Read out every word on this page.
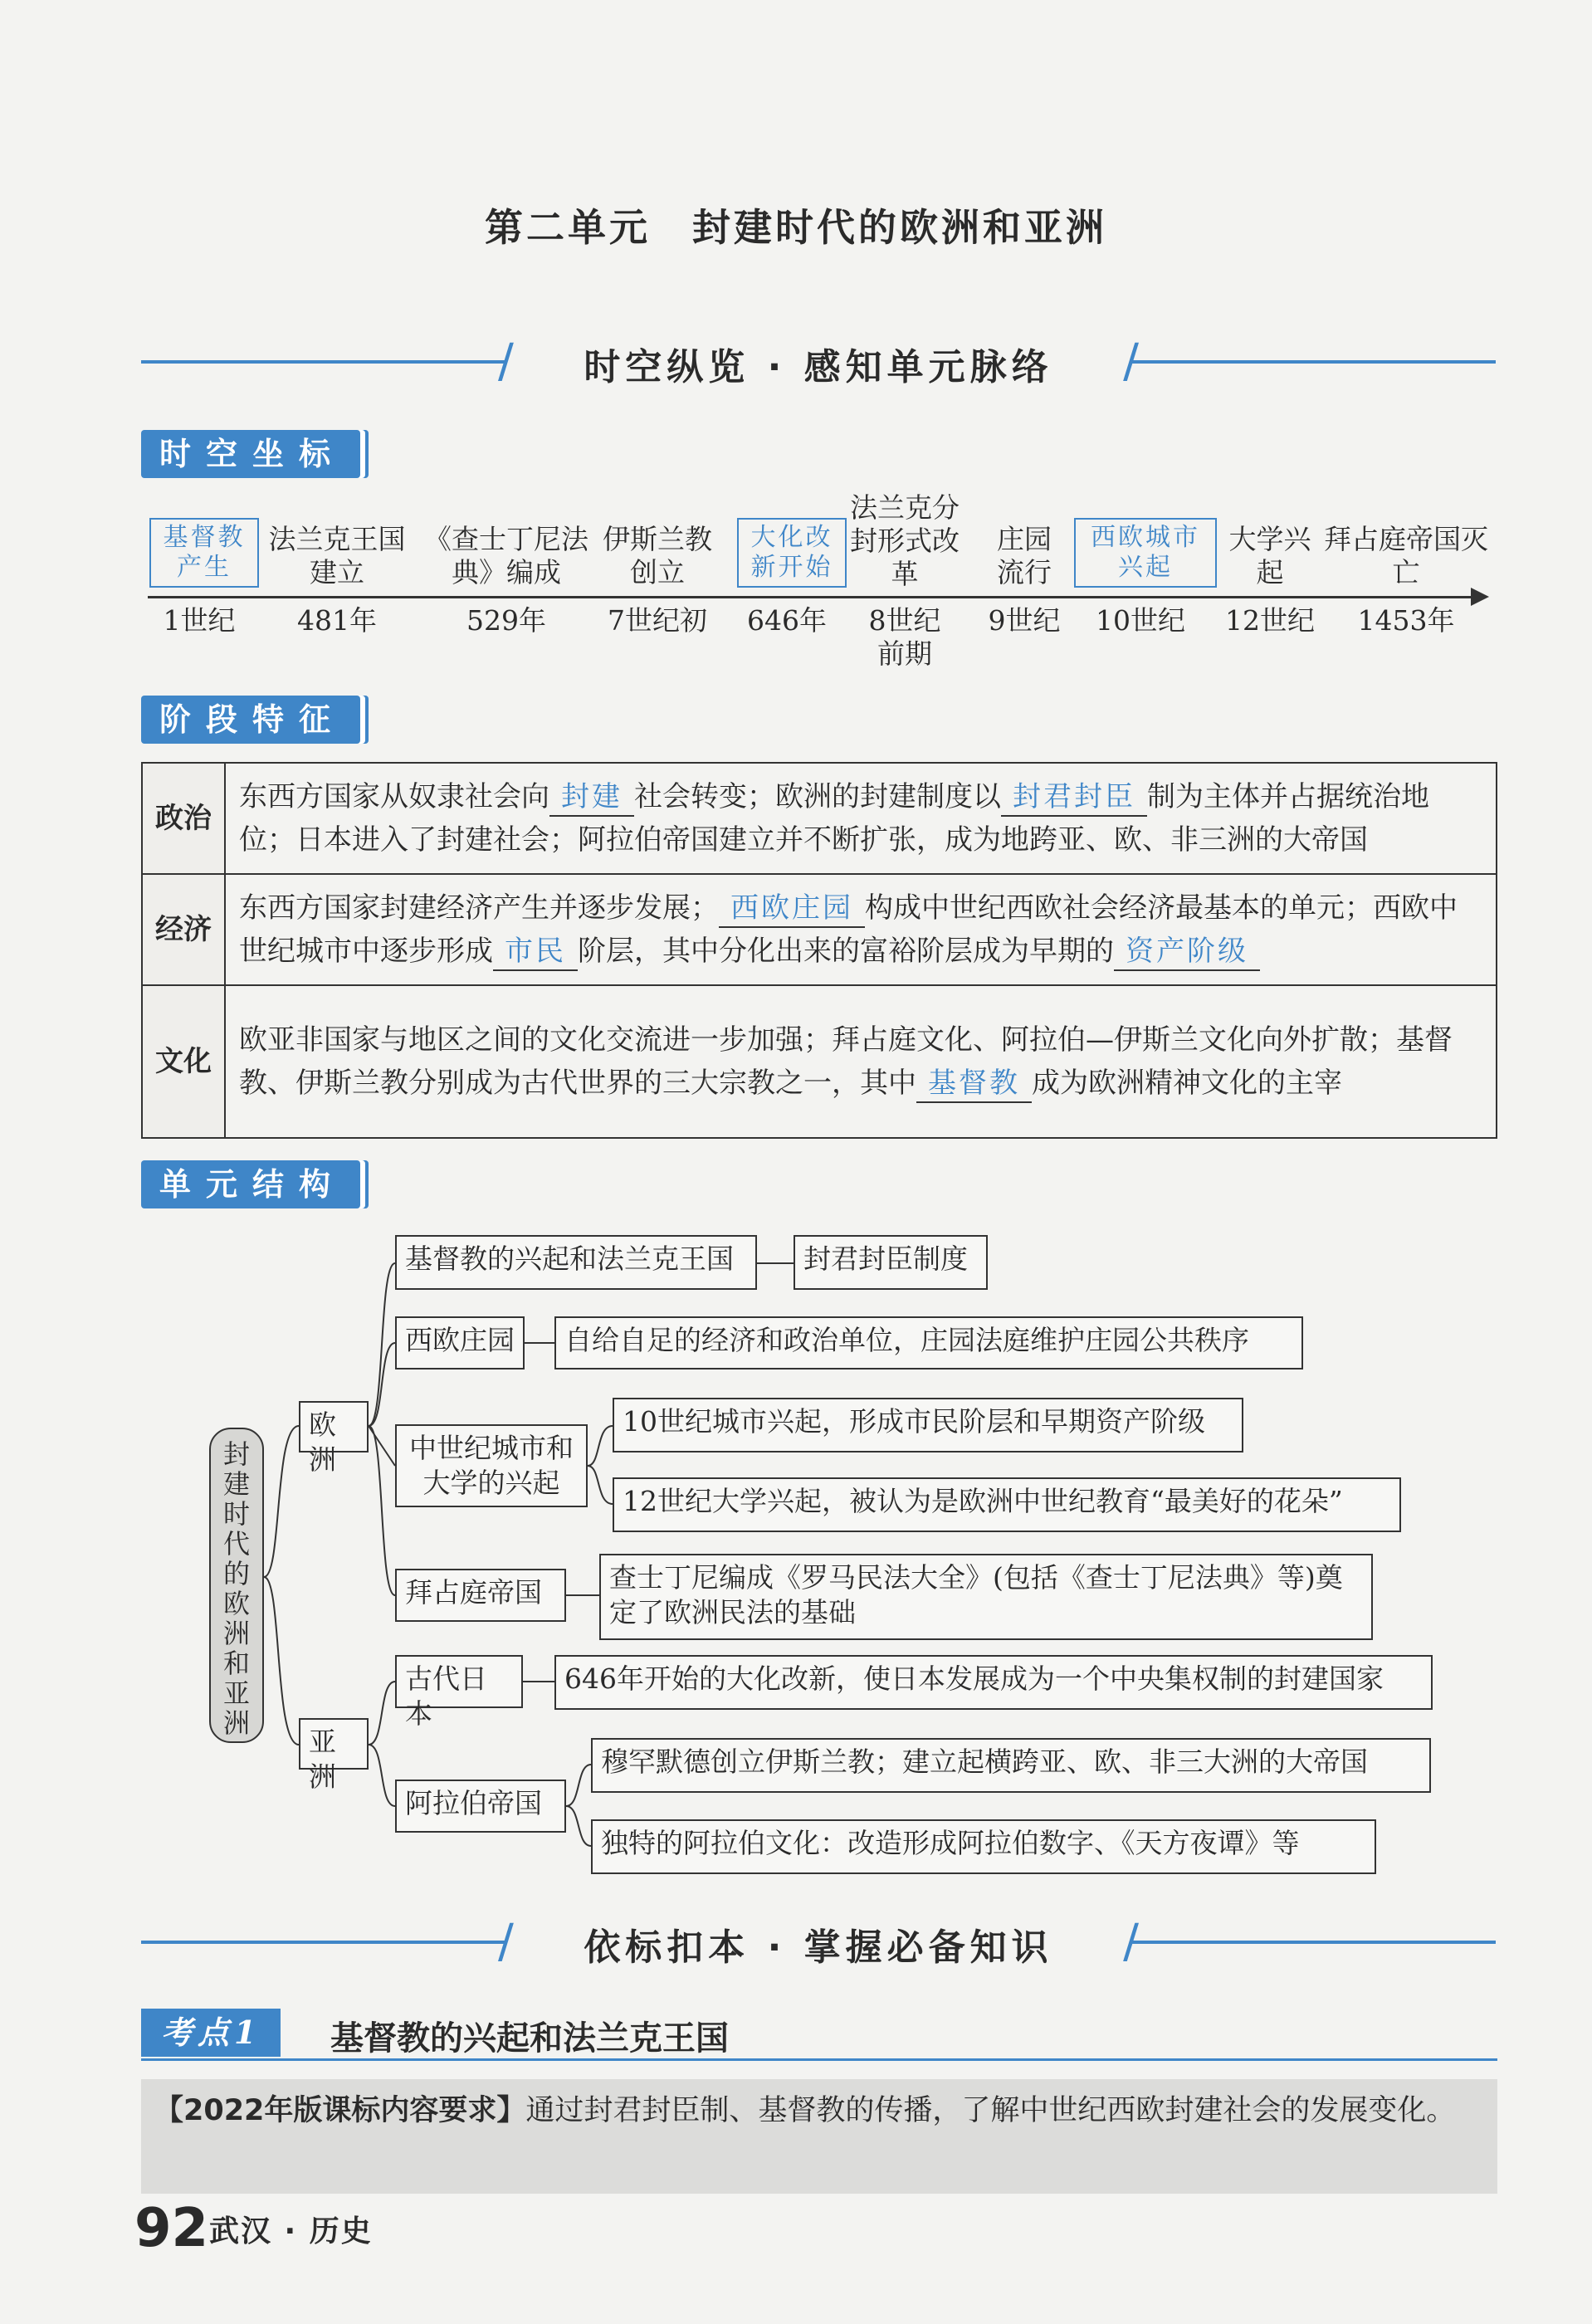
第二单元　封建时代的欧洲和亚洲
/	/
时空纵览 · 感知单元脉络
时空坐标
基督教产生
1世纪
法兰克王国建立
481年
《查士丁尼法典》编成
529年
伊斯兰教创立
7世纪初
大化改新开始
646年
法兰克分封形式改革
8世纪前期
庄园流行
9世纪
西欧城市兴起
10世纪
大学兴起
12世纪
拜占庭帝国灭亡
1453年
阶段特征
政治	东西方国家从奴隶社会向 封建 社会转变；欧洲的封建制度以 封君封臣 制为主体并占据统治地位；日本进入了封建社会；阿拉伯帝国建立并不断扩张，成为地跨亚、欧、非三洲的大帝国
经济	东西方国家封建经济产生并逐步发展； 西欧庄园 构成中世纪西欧社会经济最基本的单元；西欧中世纪城市中逐步形成 市民 阶层，其中分化出来的富裕阶层成为早期的 资产阶级
文化	欧亚非国家与地区之间的文化交流进一步加强；拜占庭文化、阿拉伯—伊斯兰文化向外扩散；基督教、伊斯兰教分别成为古代世界的三大宗教之一，其中 基督教 成为欧洲精神文化的主宰
单元结构
封建时代的欧洲和亚洲
欧洲
亚洲
基督教的兴起和法兰克王国	封君封臣制度
西欧庄园	自给自足的经济和政治单位，庄园法庭维护庄园公共秩序
中世纪城市和大学的兴起
10世纪城市兴起，形成市民阶层和早期资产阶级
12世纪大学兴起，被认为是欧洲中世纪教育“最美好的花朵”
拜占庭帝国	查士丁尼编成《罗马民法大全》(包括《查士丁尼法典》等)奠定了欧洲民法的基础
古代日本
646年开始的大化改新，使日本发展成为一个中央集权制的封建国家
阿拉伯帝国
穆罕默德创立伊斯兰教；建立起横跨亚、欧、非三大洲的大帝国
独特的阿拉伯文化：改造形成阿拉伯数字、《天方夜谭》等
/	/
依标扣本 · 掌握必备知识
考点1	基督教的兴起和法兰克王国
【2022年版课标内容要求】通过封君封臣制、基督教的传播，了解中世纪西欧封建社会的发展变化。
92 武汉 · 历史
